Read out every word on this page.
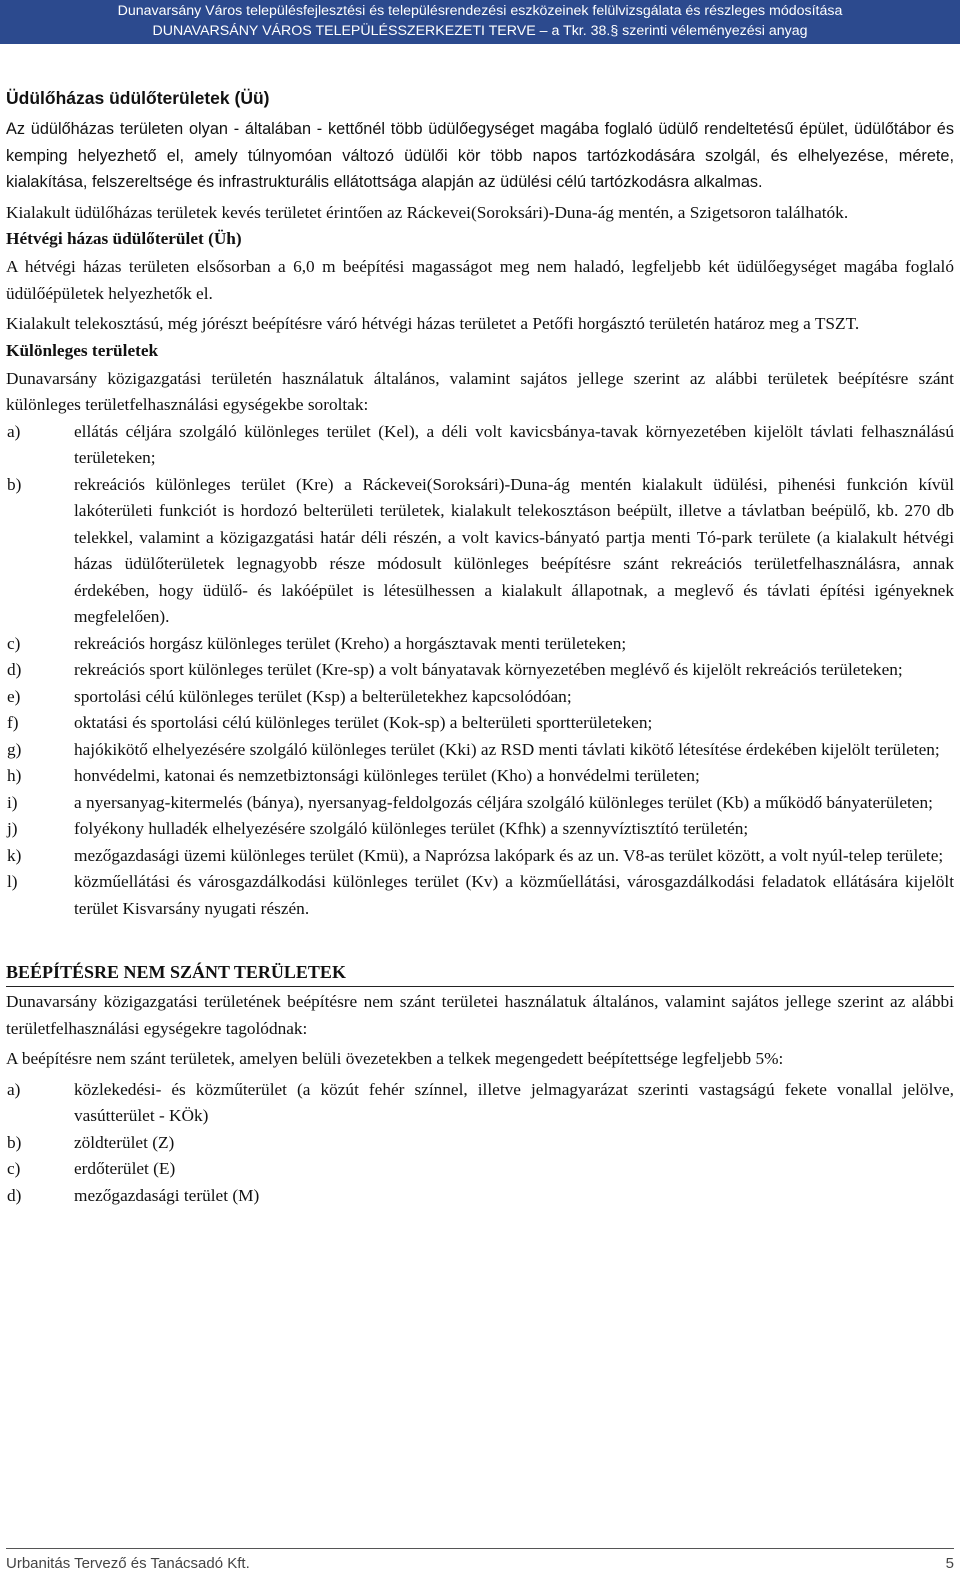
Dunavarsány Város településfejlesztési és településrendezési eszközeinek felülvizsgálata és részleges módosítása
DUNAVARSÁNY VÁROS TELEPÜLÉSSZERKEZETI TERVE – a Tkr. 38.§ szerinti véleményezési anyag
Üdülőházas üdülőterületek (Üü)

Az üdülőházas területen olyan - általában - kettőnél több üdülőegységet magába foglaló üdülő rendeltetésű épület, üdülőtábor és kemping helyezhető el, amely túlnyomóan változó üdülői kör több napos tartózkodására szolgál, és elhelyezése, mérete, kialakítása, felszereltsége és infrastrukturális ellátottsága alapján az üdülési célú tartózkodásra alkalmas.

Kialakult üdülőházas területek kevés területet érintően az Ráckevei(Soroksári)-Duna-ág mentén, a Szigetsoron találhatók.

Hétvégi házas üdülőterület (Üh)

A hétvégi házas területen elsősorban a 6,0 m beépítési magasságot meg nem haladó, legfeljebb két üdülőegységet magába foglaló üdülőépületek helyezhetők el.

Kialakult telekosztású, még jórészt beépítésre váró hétvégi házas területet a Petőfi horgásztó területén határoz meg a TSZT.

Különleges területek

Dunavarsány közigazgatási területén használatuk általános, valamint sajátos jellege szerint az alábbi területek beépítésre szánt különleges területfelhasználási egységekbe soroltak:

a)	ellátás céljára szolgáló különleges terület (Kel), a déli volt kavicsbánya-tavak környezetében kijelölt távlati felhasználású területeken;
b)	rekreációs különleges terület (Kre) a Ráckevei(Soroksári)-Duna-ág mentén kialakult üdülési, pihenési funkción kívül lakóterületi funkciót is hordozó belterületi területek, kialakult telekosztáson beépült, illetve a távlatban beépülő, kb. 270 db telekkel, valamint a közigazgatási határ déli részén, a volt kavics-bányató partja menti Tó-park területe (a kialakult hétvégi házas üdülőterületek legnagyobb része módosult különleges beépítésre szánt rekreációs területfelhasználásra, annak érdekében, hogy üdülő- és lakóépület is létesülhessen a kialakult állapotnak, a meglevő és távlati építési igényeknek megfelelően).
c)	rekreációs horgász különleges terület (Kreho) a horgásztavak menti területeken;
d)	rekreációs sport különleges terület (Kre-sp) a volt bányatavak környezetében meglévő és kijelölt rekreációs területeken;
e)	sportolási célú különleges terület (Ksp) a belterületekhez kapcsolódóan;
f)	oktatási és sportolási célú különleges terület (Kok-sp) a belterületi sportterületeken;
g)	hajókikötő elhelyezésére szolgáló különleges terület (Kki) az RSD menti távlati kikötő létesítése érdekében kijelölt területen;
h)	honvédelmi, katonai és nemzetbiztonsági különleges terület (Kho) a honvédelmi területen;
i)	a nyersanyag-kitermelés (bánya), nyersanyag-feldolgozás céljára szolgáló különleges terület (Kb) a működő bányaterületen;
j)	folyékony hulladék elhelyezésére szolgáló különleges terület (Kfhk) a szennyvíztisztító területén;
k)	mezőgazdasági üzemi különleges terület (Kmü), a Naprózsa lakópark és az un. V8-as terület között, a volt nyúl-telep területe;
l)	közműellátási és városgazdálkodási különleges terület (Kv) a közműellátási, városgazdálkodási feladatok ellátására kijelölt terület Kisvarsány nyugati részén.
BEÉPÍTÉSRE NEM SZÁNT TERÜLETEK

Dunavarsány közigazgatási területének beépítésre nem szánt területei használatuk általános, valamint sajátos jellege szerint az alábbi területfelhasználási egységekre tagolódnak:

A beépítésre nem szánt területek, amelyen belüli övezetekben a telkek megengedett beépítettsége legfeljebb 5%:

a)	közlekedési- és közműterület (a közút fehér színnel, illetve jelmagyarázat szerinti vastagságú fekete vonallal jelölve, vasútterület - KÖk)
b)	zöldterület (Z)
c)	erdőterület (E)
d)	mezőgazdasági terület (M)
Urbanitás Tervező és Tanácsadó Kft.	5
